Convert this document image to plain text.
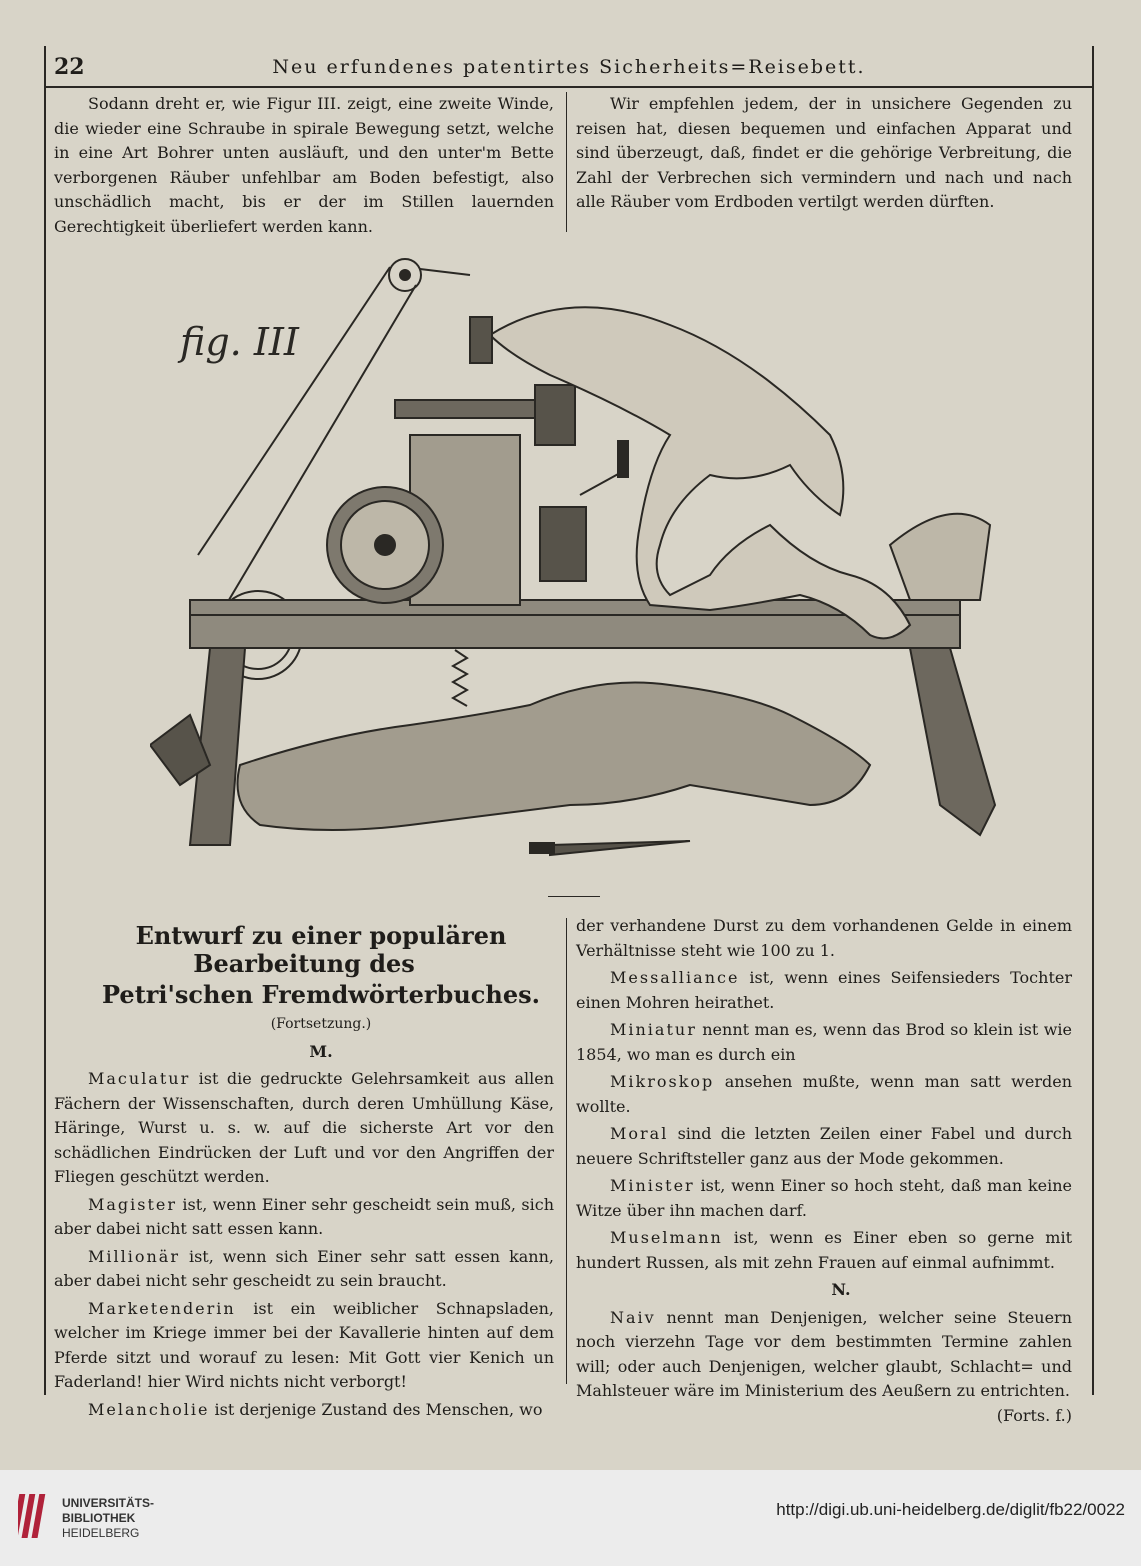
22	Neu erfundenes patentirtes Sicherheits=Reisebett.

Sodann dreht er, wie Figur III. zeigt, eine zweite Winde, die wieder eine Schraube in spirale Bewegung setzt, welche in eine Art Bohrer unten ausläuft, und den unter'm Bette verborgenen Räuber unfehlbar am Boden befestigt, also unschädlich macht, bis er der im Stillen lauernden Gerechtigkeit überliefert werden kann.

Wir empfehlen jedem, der in unsichere Gegenden zu reisen hat, diesen bequemen und einfachen Apparat und sind überzeugt, daß, findet er die gehörige Verbreitung, die Zahl der Verbrechen sich vermindern und nach und nach alle Räuber vom Erdboden vertilgt werden dürften.

fig. III

Entwurf zu einer populären Bearbeitung des

Petri'schen Fremdwörterbuches.

(Fortsetzung.)

M.

Maculatur ist die gedruckte Gelehrsamkeit aus allen Fächern der Wissenschaften, durch deren Umhüllung Käse, Häringe, Wurst u. s. w. auf die sicherste Art vor den schädlichen Eindrücken der Luft und vor den Angriffen der Fliegen geschützt werden.

Magister ist, wenn Einer sehr gescheidt sein muß, sich aber dabei nicht satt essen kann.

Millionär ist, wenn sich Einer sehr satt essen kann, aber dabei nicht sehr gescheidt zu sein braucht.

Marketenderin ist ein weiblicher Schnapsladen, welcher im Kriege immer bei der Kavallerie hinten auf dem Pferde sitzt und worauf zu lesen: Mit Gott vier Kenich un Faderland! hier Wird nichts nicht verborgt!

Melancholie ist derjenige Zustand des Menschen, wo

der verhandene Durst zu dem vorhandenen Gelde in einem Verhältnisse steht wie 100 zu 1.

Messalliance ist, wenn eines Seifensieders Tochter einen Mohren heirathet.

Miniatur nennt man es, wenn das Brod so klein ist wie 1854, wo man es durch ein

Mikroskop ansehen mußte, wenn man satt werden wollte.

Moral sind die letzten Zeilen einer Fabel und durch neuere Schriftsteller ganz aus der Mode gekommen.

Minister ist, wenn Einer so hoch steht, daß man keine Witze über ihn machen darf.

Muselmann ist, wenn es Einer eben so gerne mit hundert Russen, als mit zehn Frauen auf einmal aufnimmt.

N.

Naiv nennt man Denjenigen, welcher seine Steuern noch vierzehn Tage vor dem bestimmten Termine zahlen will; oder auch Denjenigen, welcher glaubt, Schlacht= und Mahlsteuer wäre im Ministerium des Aeußern zu entrichten.
(Forts. f.)

UNIVERSITÄTS-
BIBLIOTHEK
HEIDELBERG
http://digi.ub.uni-heidelberg.de/diglit/fb22/0022
